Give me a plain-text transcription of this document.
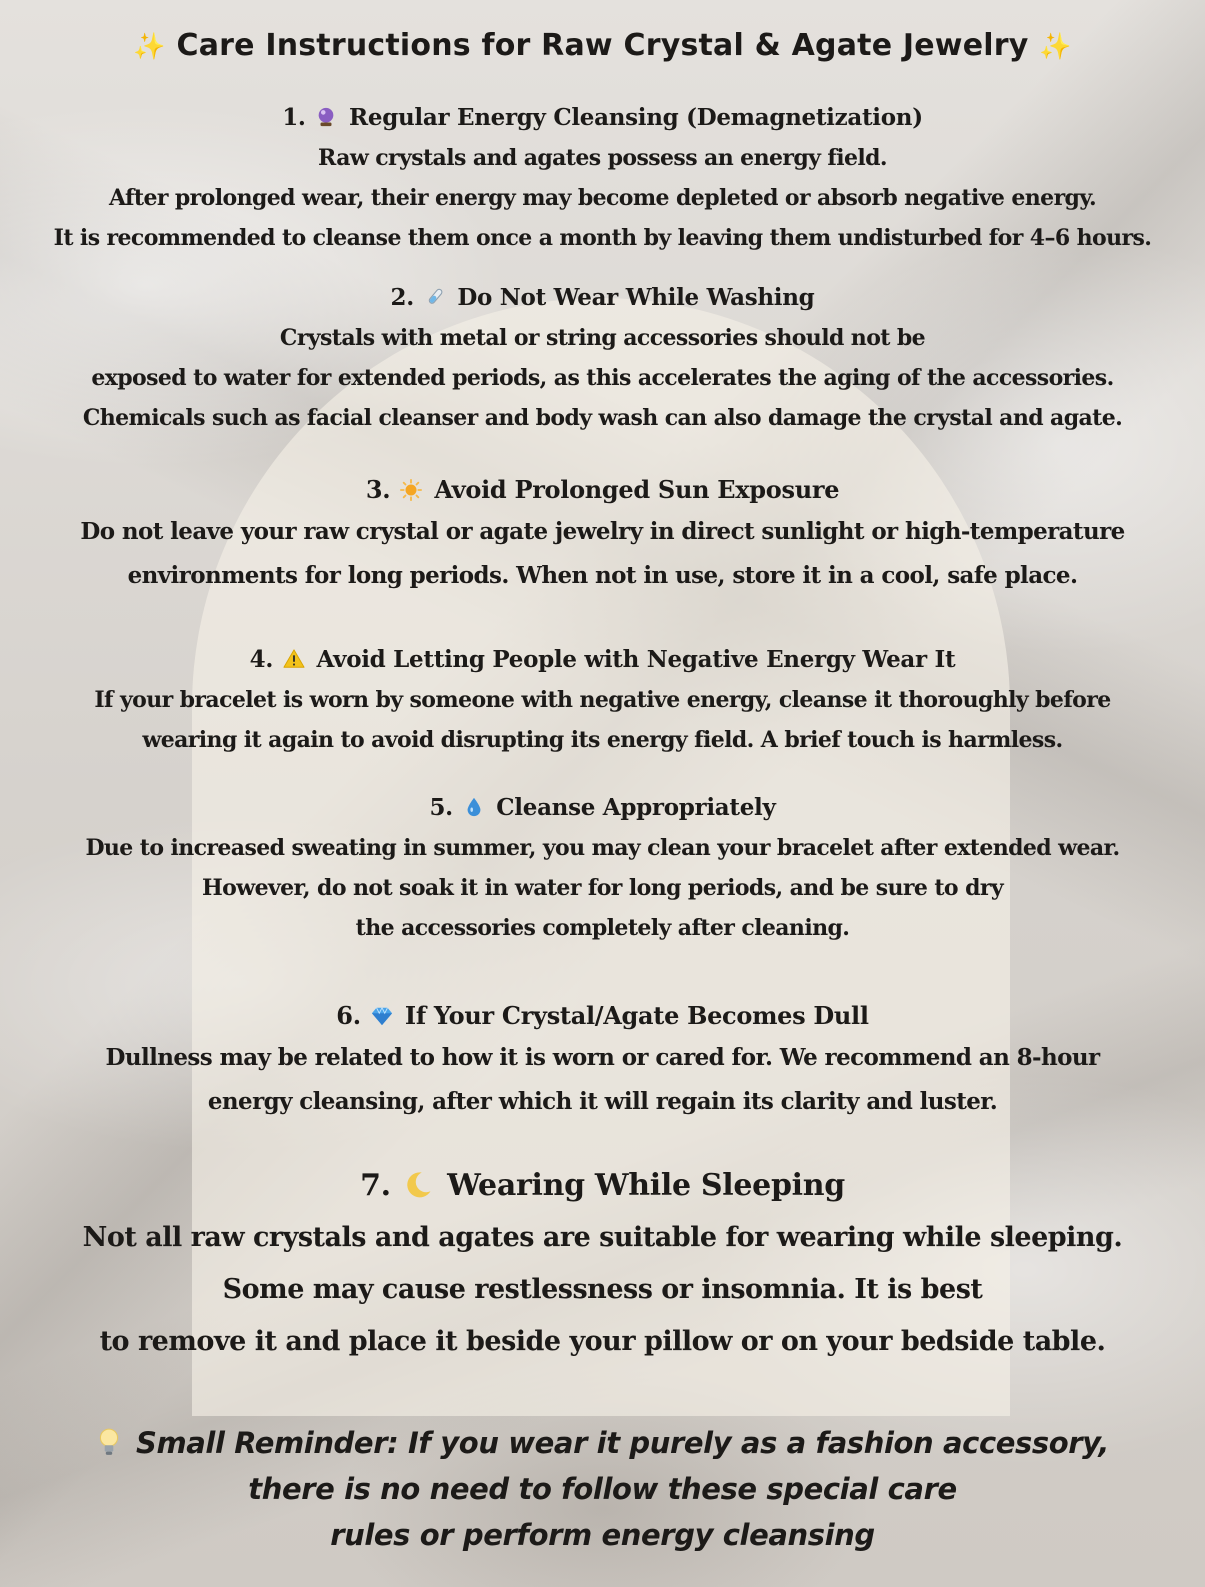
✨ Care Instructions for Raw Crystal & Agate Jewelry ✨
1. Regular Energy Cleansing (Demagnetization)
Raw crystals and agates possess an energy field.
After prolonged wear, their energy may become depleted or absorb negative energy.
It is recommended to cleanse them once a month by leaving them undisturbed for 4–6 hours.
2. Do Not Wear While Washing
Crystals with metal or string accessories should not be
exposed to water for extended periods, as this accelerates the aging of the accessories.
Chemicals such as facial cleanser and body wash can also damage the crystal and agate.
3. Avoid Prolonged Sun Exposure
Do not leave your raw crystal or agate jewelry in direct sunlight or high-temperature
environments for long periods. When not in use, store it in a cool, safe place.
4. Avoid Letting People with Negative Energy Wear It
If your bracelet is worn by someone with negative energy, cleanse it thoroughly before
wearing it again to avoid disrupting its energy field. A brief touch is harmless.
5. Cleanse Appropriately
Due to increased sweating in summer, you may clean your bracelet after extended wear.
However, do not soak it in water for long periods, and be sure to dry
the accessories completely after cleaning.
6. If Your Crystal/Agate Becomes Dull
Dullness may be related to how it is worn or cared for. We recommend an 8-hour
energy cleansing, after which it will regain its clarity and luster.
7. Wearing While Sleeping
Not all raw crystals and agates are suitable for wearing while sleeping.
Some may cause restlessness or insomnia. It is best
to remove it and place it beside your pillow or on your bedside table.
Small Reminder: If you wear it purely as a fashion accessory,
there is no need to follow these special care
rules or perform energy cleansing
